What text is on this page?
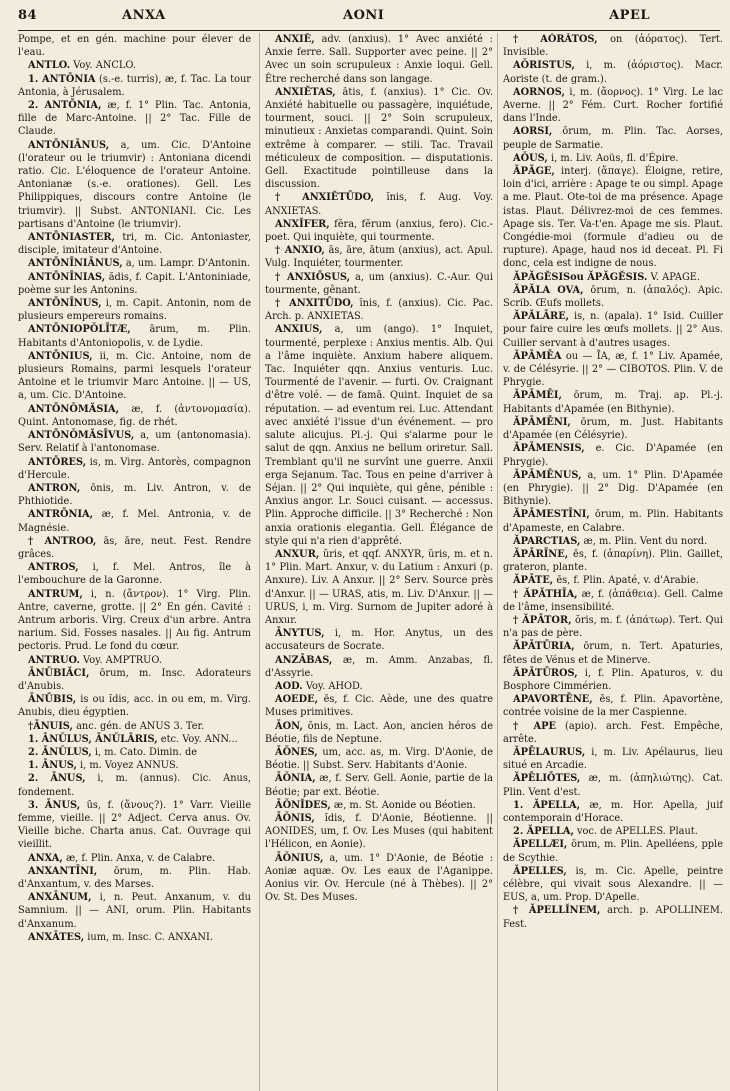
84	ANXA	AONI	APEL

Pompe, et en gén. machine pour élever de l'eau.

ANTLO. Voy. ANCLO.

1. ANTŌNIA (s.-e. turris), æ, f. Tac. La tour Antonia, à Jérusalem.

2. ANTŌNIA, æ, f. 1° Plin. Tac. Antonia, fille de Marc-Antoine. || 2° Tac. Fille de Claude.

ANTŌNIĀNUS, a, um. Cic. D'Antoine (l'orateur ou le triumvir) : Antoniana dicendi ratio. Cic. L'éloquence de l'orateur Antoine. Antonianæ (s.-e. orationes). Gell. Les Philippiques, discours contre Antoine (le triumvir). || Subst. ANTONIANI. Cic. Les partisans d'Antoine (le triumvir).

ANTŌNIASTER, tri, m. Cic. Antoniaster, disciple, imitateur d'Antoine.

ANTŌNĪNIĀNUS, a, um. Lampr. D'Antonin.

ANTŌNĪNIAS, ădis, f. Capit. L'Antoniniade, poème sur les Antonins.

ANTŌNĪNUS, i, m. Capit. Antonin, nom de plusieurs empereurs romains.

ANTŌNIOPŎLĪTÆ, ārum, m. Plin. Habitants d'Antoniopolis, v. de Lydie.

ANTŌNIUS, ii, m. Cic. Antoine, nom de plusieurs Romains, parmi lesquels l'orateur Antoine et le triumvir Marc Antoine. || — US, a, um. Cic. D'Antoine.

ANTŌNŎMĂSIA, æ, f. (ἀντονομασία). Quint. Antonomase, fig. de rhét.

ANTŌNŎMĂSĪVUS, a, um (antonomasia). Serv. Relatif à l'antonomase.

ANTŌRES, is, m. Virg. Antorès, compagnon d'Hercule.

ANTRON, ōnis, m. Liv. Antron, v. de Phthiotide.

ANTRŌNIA, æ, f. Mel. Antronia, v. de Magnésie.

† ANTROO, ās, āre, neut. Fest. Rendre grâces.

ANTROS, i, f. Mel. Antros, île à l'embouchure de la Garonne.

ANTRUM, i, n. (ἄντρον). 1° Virg. Plin. Antre, caverne, grotte. || 2° En gén. Cavité : Antrum arboris. Virg. Creux d'un arbre. Antra narium. Sid. Fosses nasales. || Au fig. Antrum pectoris. Prud. Le fond du cœur.

ANTRUO. Voy. AMPTRUO.

ĀNŪBIĂCI, ōrum, m. Insc. Adorateurs d'Anubis.

ĀNŪBIS, is ou ĭdis, acc. in ou em, m. Virg. Anubis, dieu égyptien.

†ĀNUIS, anc. gén. de ANUS 3. Ter.

1. ĀNŬLUS, ĀNŬLĀRIS, etc. Voy. ANN...

2. ĀNŬLUS, i, m. Cato. Dimin. de

1. ĀNUS, i, m. Voyez ANNUS.

2. ĀNUS, i, m. (annus). Cic. Anus, fondement.

3. ĀNUS, ūs, f. (ἄνους?). 1° Varr. Vieille femme, vieille. || 2° Adject. Cerva anus. Ov. Vieille biche. Charta anus. Cat. Ouvrage qui vieillit.

ANXA, æ, f. Plin. Anxa, v. de Calabre.

ANXANTĪNI, ōrum, m. Plin. Hab. d'Anxantum, v. des Marses.

ANXĀNUM, i, n. Peut. Anxanum, v. du Samnium. || — ANI, orum. Plin. Habitants d'Anxanum.

ANXĀTES, ium, m. Insc. C. ANXANI.

ANXIĒ, adv. (anxius). 1° Avec anxiété : Anxie ferre. Sall. Supporter avec peine. || 2° Avec un soin scrupuleux : Anxie loqui. Gell. Être recherché dans son langage.

ANXIĔTAS, ātis, f. (anxius). 1° Cic. Ov. Anxiété habituelle ou passagère, inquiétude, tourment, souci. || 2° Soin scrupuleux, minutieux : Anxietas comparandi. Quint. Soin extrême à comparer. — stili. Tac. Travail méticuleux de composition. — disputationis. Gell. Exactitude pointilleuse dans la discussion.

† ANXIĔTŪDO, ĭnis, f. Aug. Voy. ANXIETAS.

ANXĬFER, fĕra, fĕrum (anxius, fero). Cic.-poet. Qui inquiète, qui tourmente.

† ANXIO, ās, āre, ātum (anxius), act. Apul. Vulg. Inquiéter, tourmenter.

† ANXIŌSUS, a, um (anxius). C.-Aur. Qui tourmente, gênant.

† ANXITŪDO, ĭnis, f. (anxius). Cic. Pac. Arch. p. ANXIETAS.

ANXIUS, a, um (ango). 1° Inquiet, tourmenté, perplexe : Anxius mentis. Alb. Qui a l'âme inquiète. Anxium habere aliquem. Tac. Inquiéter qqn. Anxius venturis. Luc. Tourmenté de l'avenir. — furti. Ov. Craignant d'être volé. — de famā. Quint. Inquiet de sa réputation. — ad eventum rei. Luc. Attendant avec anxiété l'issue d'un événement. — pro salute alicujus. Pl.-j. Qui s'alarme pour le salut de qqn. Anxius ne bellum oriretur. Sall. Tremblant qu'il ne survînt une guerre. Anxii erga Sejanum. Tac. Tous en peine d'arriver à Séjan. || 2° Qui inquiète, qui gêne, pénible : Anxius angor. Lr. Souci cuisant. — accessus. Plin. Approche difficile. || 3° Recherché : Non anxia orationis elegantia. Gell. Élégance de style qui n'a rien d'apprêté.

ANXUR, ŭris, et qqf. ANXYR, ŭris, m. et n. 1° Plin. Mart. Anxur, v. du Latium : Anxuri (p. Anxure). Liv. A Anxur. || 2° Serv. Source près d'Anxur. || — URAS, atis, m. Liv. D'Anxur. || — URUS, i, m. Virg. Surnom de Jupiter adoré à Anxur.

ĀNYTUS, i, m. Hor. Anytus, un des accusateurs de Socrate.

ANZĀBAS, æ, m. Amm. Anzabas, fl. d'Assyrie.

AOD. Voy. AHOD.

AOEDE, ēs, f. Cic. Aède, une des quatre Muses primitives.

ĀON, ŏnis, m. Lact. Aon, ancien héros de Béotie, fils de Neptune.

ĀŎNES, um, acc. as, m. Virg. D'Aonie, de Béotie. || Subst. Serv. Habitants d'Aonie.

ĀŎNIA, æ, f. Serv. Gell. Aonie, partie de la Béotie; par ext. Béotie.

ĀŎNĬDES, æ, m. St. Aonide ou Béotien.

ĀŎNIS, ĭdis, f. D'Aonie, Béotienne. || AONIDES, um, f. Ov. Les Muses (qui habitent l'Hélicon, en Aonie).

ĀŎNIUS, a, um. 1° D'Aonie, de Béotie : Aoniæ aquæ. Ov. Les eaux de l'Aganippe. Aonius vir. Ov. Hercule (né à Thèbes). || 2° Ov. St. Des Muses.

† AŎRĀTOS, on (ἀόρατος). Tert. Invisible.

AŎRISTUS, i, m. (ἀόριστος). Macr. Aoriste (t. de gram.).

AORNOS, i, m. (ἄορνος). 1° Virg. Le lac Averne. || 2° Fém. Curt. Rocher fortifié dans l'Inde.

AORSI, ōrum, m. Plin. Tac. Aorses, peuple de Sarmatie.

AŎUS, i, m. Liv. Aoüs, fl. d'Épire.

ĂPĂGE, interj. (ἄπαγε). Éloigne, retire, loin d'ici, arrière : Apage te ou simpl. Apage a me. Plaut. Ote-toi de ma présence. Apage istas. Plaut. Délivrez-moi de ces femmes. Apage sis. Ter. Va-t'en. Apage me sis. Plaut. Congédie-moi (formule d'adieu ou de rupture). Apage, haud nos id deceat. Pl. Fi donc, cela est indigne de nous.

ĂPĂGĔSISou ĂPĂGĔSIS. V. APAGE.

ĂPĂLA OVA, ōrum, n. (ἁπαλός). Apic. Scrib. Œufs mollets.

ĂPĂLĀRE, is, n. (apala). 1° Isid. Cuiller pour faire cuire les œufs mollets. || 2° Aus. Cuiller servant à d'autres usages.

ĂPĀMĒA ou — ĪA, æ, f. 1° Liv. Apamée, v. de Célésyrie. || 2° — CIBOTOS. Plin. V. de Phrygie.

ĂPĀMĒI, ōrum, m. Traj. ap. Pl.-j. Habitants d'Apamée (en Bithynie).

ĂPĀMĒNI, ōrum, m. Just. Habitants d'Apamée (en Célésyrie).

ĂPĀMENSIS, e. Cic. D'Apamée (en Phrygie).

ĂPĀMĒNUS, a, um. 1° Plin. D'Apamée (en Phrygie). || 2° Dig. D'Apamée (en Bithynie).

ĂPĀMESTĪNI, ōrum, m. Plin. Habitants d'Apameste, en Calabre.

ĂPARCTIAS, æ, m. Plin. Vent du nord.

ĂPĀRĪNE, ēs, f. (ἀπαρίνη). Plin. Gaillet, grateron, plante.

ĂPĀTE, ēs, f. Plin. Apaté, v. d'Arabie.

† ĂPĂTHĪA, æ, f. (ἀπάθεια). Gell. Calme de l'âme, insensibilité.

† ĂPĀTOR, ŏris, m. f. (ἀπάτωρ). Tert. Qui n'a pas de père.

ĂPĀTŪRIA, ōrum, n. Tert. Apaturies, fêtes de Vénus et de Minerve.

ĂPĀTŪROS, i, f. Plin. Apaturos, v. du Bosphore Cimmérien.

APAVORTĒNE, ēs, f. Plin. Apavortène, contrée voisine de la mer Caspienne.

† APE (apio). arch. Fest. Empêche, arrête.

ĂPĒLAURUS, i, m. Liv. Apélaurus, lieu situé en Arcadie.

ĂPĒLIŌTES, æ, m. (ἀπηλιώτης). Cat. Plin. Vent d'est.

1. ĂPELLA, æ, m. Hor. Apella, juif contemporain d'Horace.

2. ĂPELLA, voc. de APELLES. Plaut.

ĂPELLÆI, ōrum, m. Plin. Apelléens, pple de Scythie.

ĂPELLES, is, m. Cic. Apelle, peintre célèbre, qui vivait sous Alexandre. || — EUS, a, um. Prop. D'Apelle.

† ĂPELLĬNEM, arch. p. APOLLINEM. Fest.
